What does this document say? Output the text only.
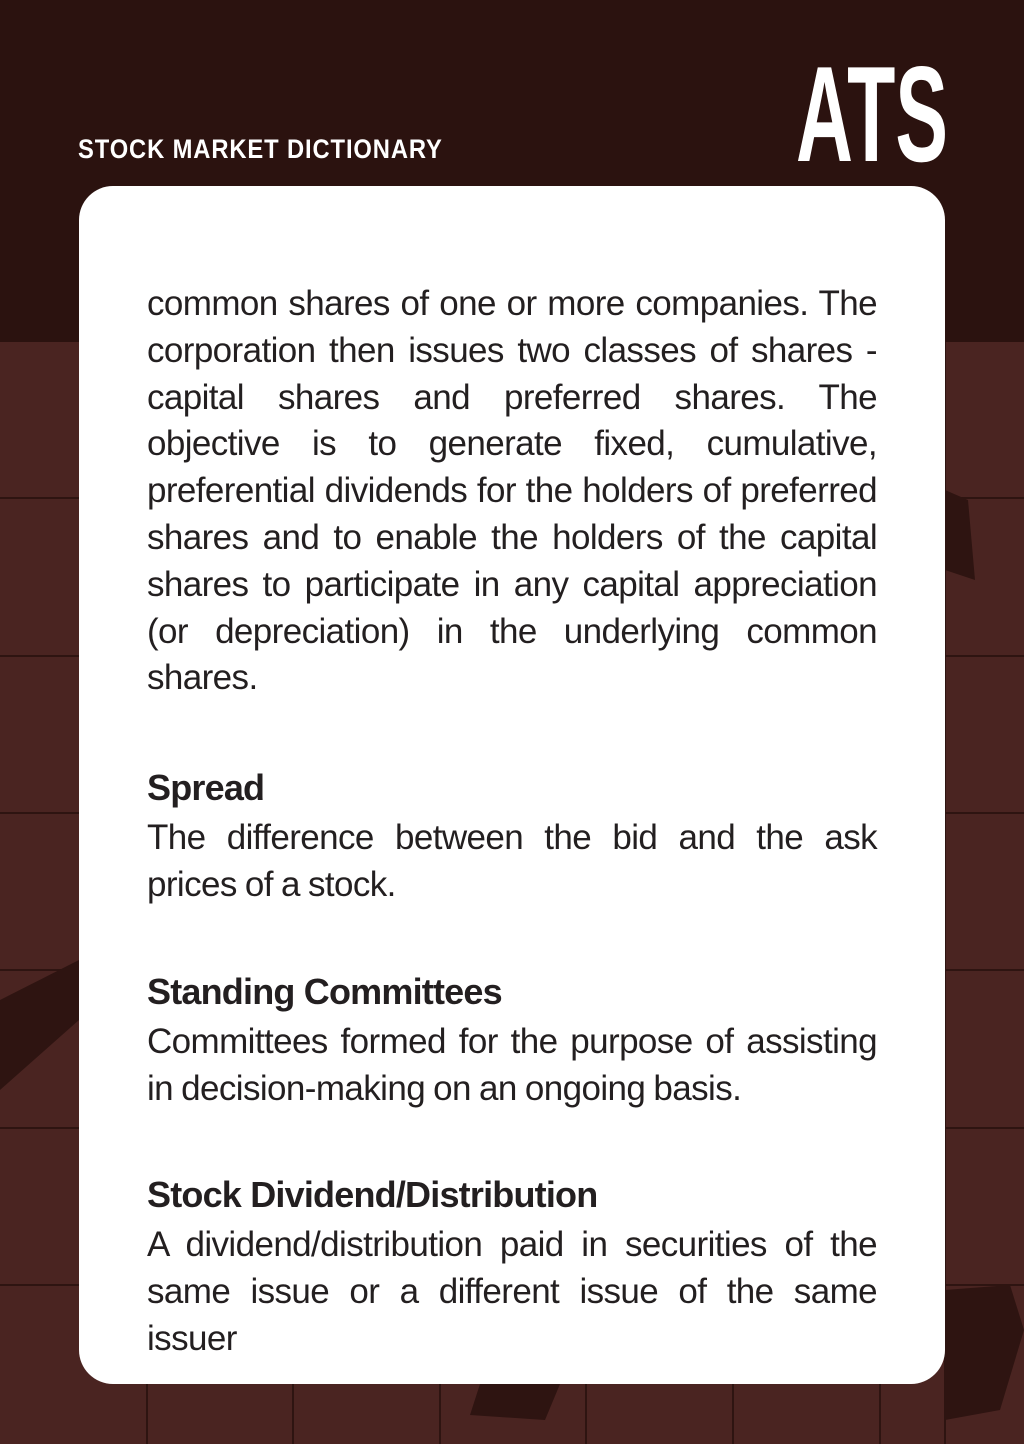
STOCK MARKET DICTIONARY	ATS

common shares of one or more companies. The corporation then issues two classes of shares - capital shares and preferred shares. The objective is to generate fixed, cumulative, preferential dividends for the holders of preferred shares and to enable the holders of the capital shares to participate in any capital appreciation (or depreciation) in the underlying common shares.

Spread

The difference between the bid and the ask prices of a stock.

Standing Committees

Committees formed for the purpose of assisting in decision-making on an ongoing basis.

Stock Dividend/Distribution

A dividend/distribution paid in securities of the same issue or a different issue of the same issuer
